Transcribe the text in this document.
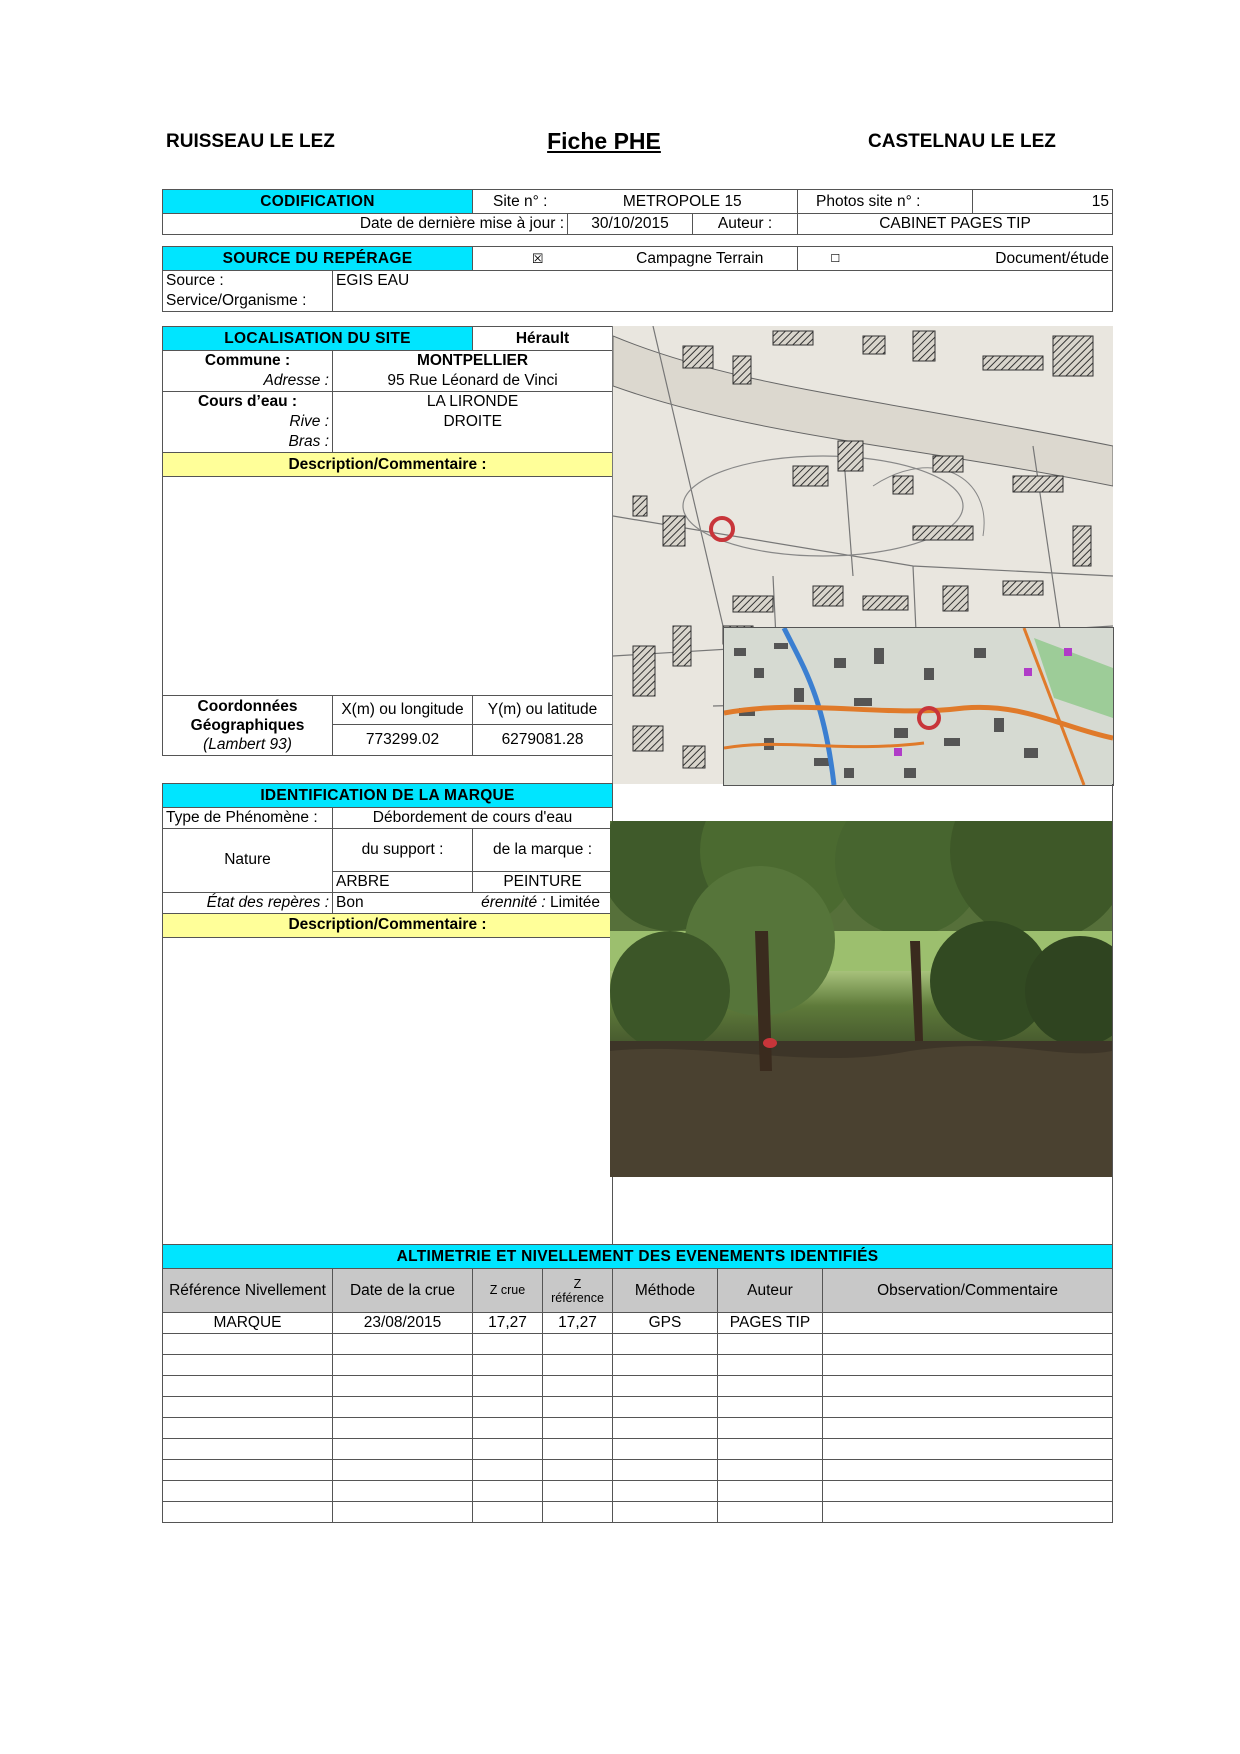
RUISSEAU LE LEZ	Fiche PHE	CASTELNAU LE LEZ
CODIFICATION	Site n° :	METROPOLE 15		Photos site n° :	15
Date de dernière mise à jour :		30/10/2015	Auteur :	CABINET PAGES TIP	
SOURCE DU REPÉRAGE		☒	Campagne Terrain	☐	Document/étude
Source :	EGIS EAU				
Service/Organisme :					
LOCALISATION DU SITE		Hérault
Commune :	MONTPELLIER	
Adresse :	95 Rue Léonard de Vinci	
Cours d’eau :	LA LIRONDE	
Rive :	DROITE	
Bras :		
Description/Commentaire :		

Coordonnées
Géographiques
(Lambert 93)	X(m) ou longitude	Y(m) ou latitude
	773299.02	6279081.28
IDENTIFICATION DE LA MARQUE			
Type de Phénomène :	Débordement de cours d'eau		
Nature	du support :	de la marque :	
	ARBRE	PEINTURE	
État des repères :	Bon	érennité : Limitée	
Description/Commentaire :			

ALTIMETRIE ET NIVELLEMENT DES EVENEMENTS IDENTIFIÉS						
Référence Nivellement	Date de la crue	Z crue	Z référence	Méthode	Auteur	Observation/Commentaire
MARQUE	23/08/2015	17,27	17,27	GPS	PAGES TIP	
